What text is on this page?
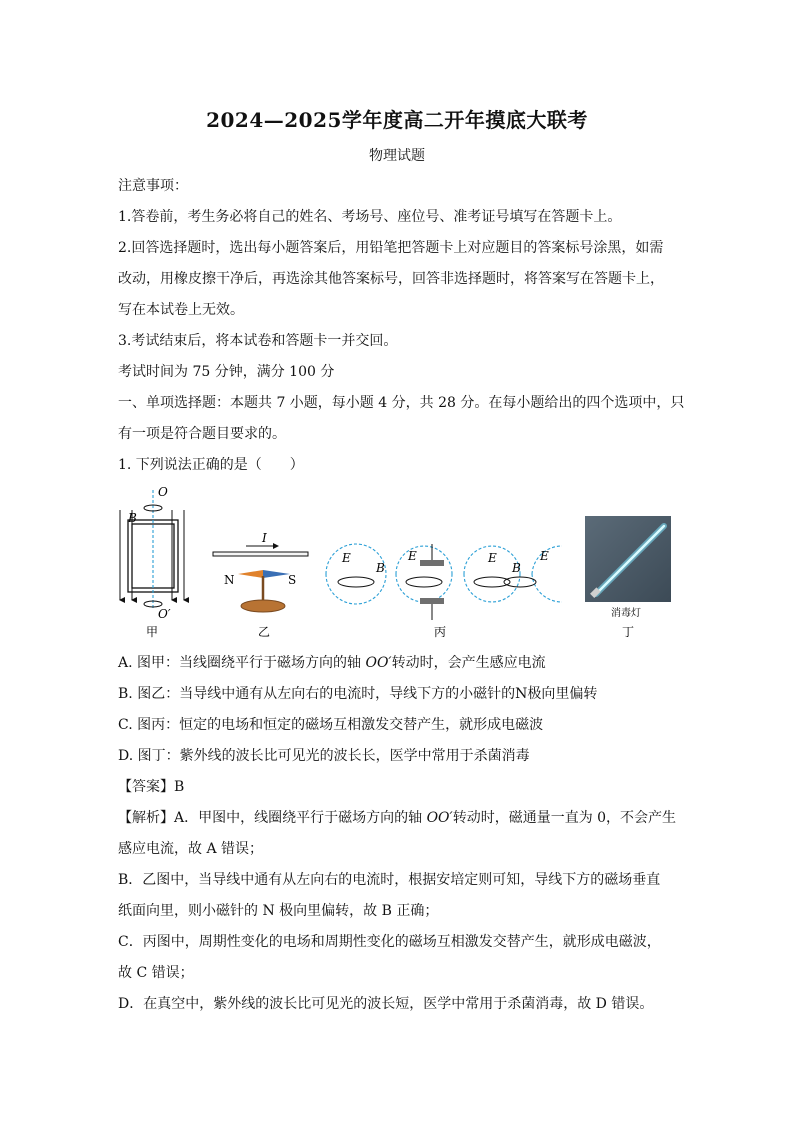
2024—2025学年度高二开年摸底大联考
物理试题
注意事项：
1.答卷前，考生务必将自己的姓名、考场号、座位号、准考证号填写在答题卡上。
2.回答选择题时，选出每小题答案后，用铅笔把答题卡上对应题目的答案标号涂黑，如需
改动，用橡皮擦干净后，再选涂其他答案标号，回答非选择题时，将答案写在答题卡上，
写在本试卷上无效。
3.考试结束后，将本试卷和答题卡一并交回。
考试时间为 75 分钟，满分 100 分
一、单项选择题：本题共 7 小题，每小题 4 分，共 28 分。在每小题给出的四个选项中，只
有一项是符合题目要求的。
1. 下列说法正确的是（　　）
O
O′
B
甲
I
N	S
乙
E
B
E	E
B
E
丙
消毒灯
丁
A. 图甲：当线圈绕平行于磁场方向的轴 OO′转动时，会产生感应电流
B. 图乙：当导线中通有从左向右的电流时，导线下方的小磁针的N极向里偏转
C. 图丙：恒定的电场和恒定的磁场互相激发交替产生，就形成电磁波
D. 图丁：紫外线的波长比可见光的波长长，医学中常用于杀菌消毒
【答案】B
【解析】A．甲图中，线圈绕平行于磁场方向的轴 OO′转动时，磁通量一直为 0，不会产生
感应电流，故 A 错误；
B．乙图中，当导线中通有从左向右的电流时，根据安培定则可知，导线下方的磁场垂直
纸面向里，则小磁针的 N 极向里偏转，故 B 正确；
C．丙图中，周期性变化的电场和周期性变化的磁场互相激发交替产生，就形成电磁波，
故 C 错误；
D．在真空中，紫外线的波长比可见光的波长短，医学中常用于杀菌消毒，故 D 错误。
